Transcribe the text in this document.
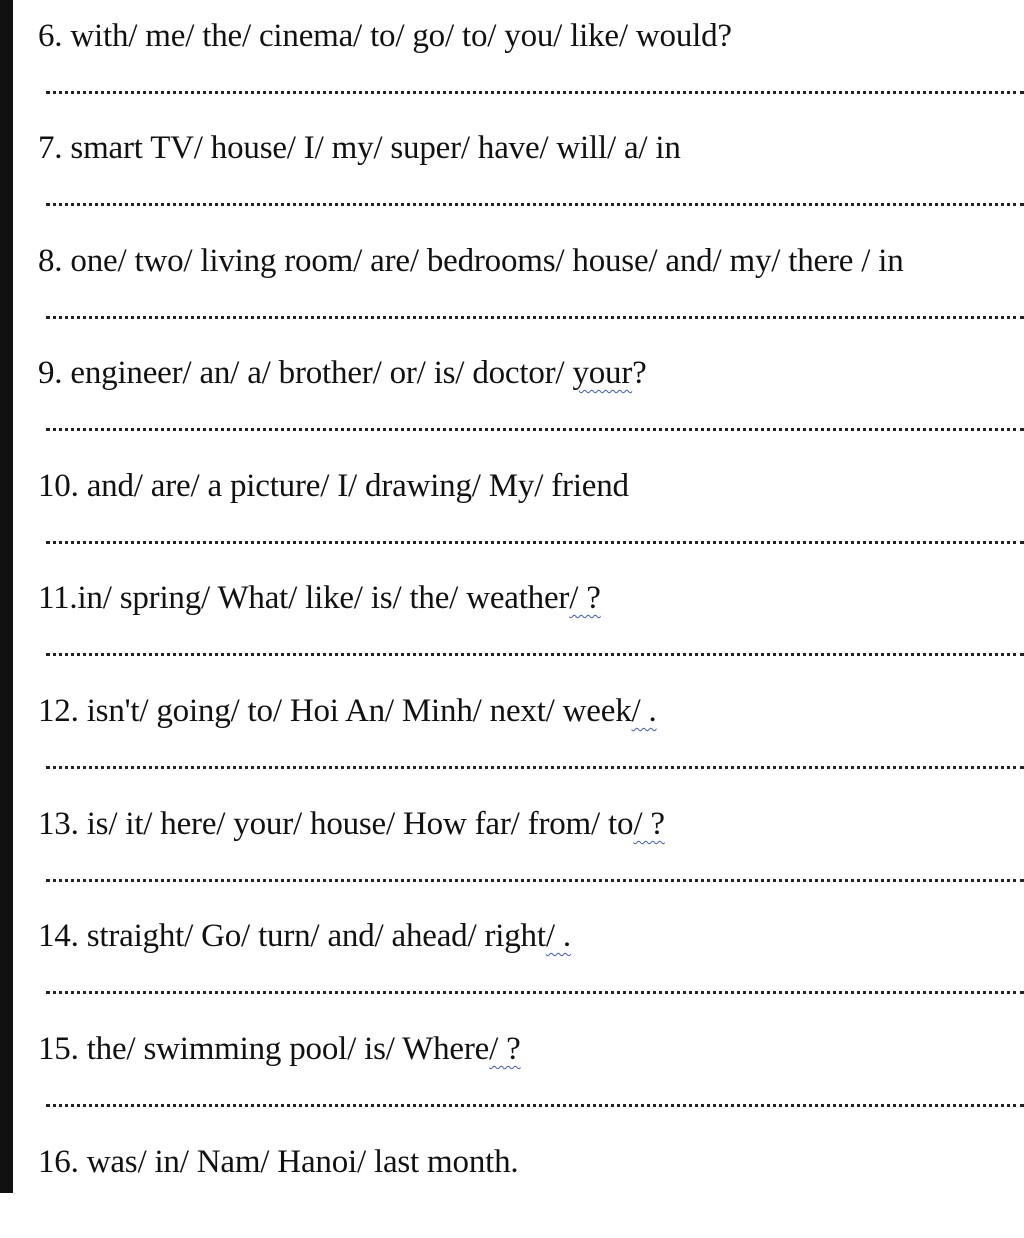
6. with/ me/ the/ cinema/ to/ go/ to/ you/ like/ would?

7. smart TV/ house/ I/ my/ super/ have/ will/ a/ in

8. one/ two/ living room/ are/ bedrooms/ house/ and/ my/ there / in

9. engineer/ an/ a/ brother/ or/ is/ doctor/ your?

10. and/ are/ a picture/ I/ drawing/ My/ friend

11.in/ spring/ What/ like/ is/ the/ weather/ ?

12. isn't/ going/ to/ Hoi An/ Minh/ next/ week/ .

13. is/ it/ here/ your/ house/ How far/ from/ to/ ?

14. straight/ Go/ turn/ and/ ahead/ right/ .

15. the/ swimming pool/ is/ Where/ ?

16. was/ in/ Nam/ Hanoi/ last month.
